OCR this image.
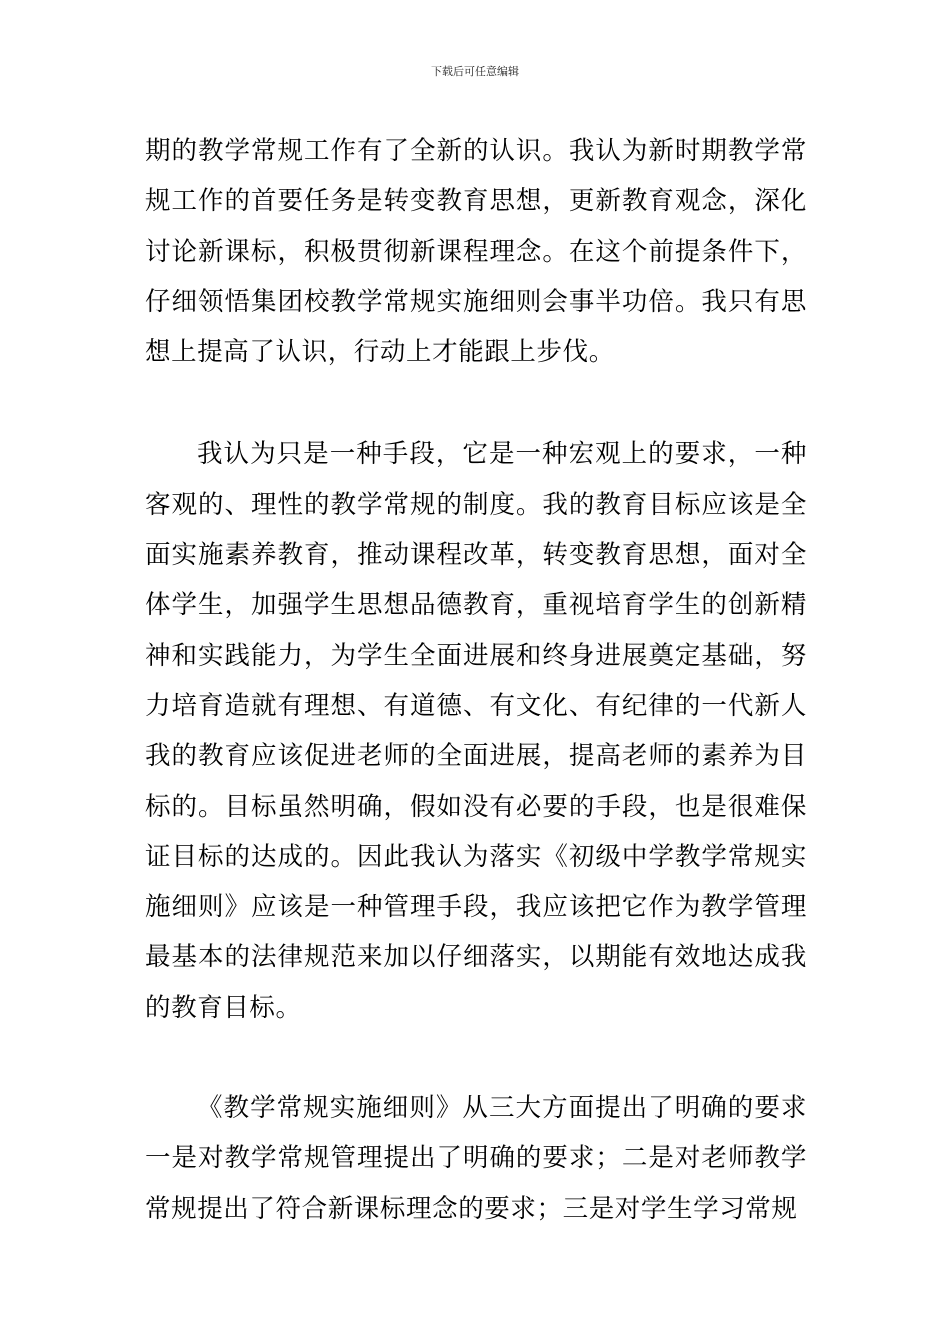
下载后可任意编辑

期的教学常规工作有了全新的认识。我认为新时期教学常规工作的首要任务是转变教育思想，更新教育观念，深化讨论新课标，积极贯彻新课程理念。在这个前提条件下，仔细领悟集团校教学常规实施细则会事半功倍。我只有思想上提高了认识，行动上才能跟上步伐。

我认为只是一种手段，它是一种宏观上的要求，一种客观的、理性的教学常规的制度。我的教育目标应该是全面实施素养教育，推动课程改革，转变教育思想，面对全体学生，加强学生思想品德教育，重视培育学生的创新精神和实践能力，为学生全面进展和终身进展奠定基础，努力培育造就有理想、有道德、有文化、有纪律的一代新人我的教育应该促进老师的全面进展，提高老师的素养为目标的。目标虽然明确，假如没有必要的手段，也是很难保证目标的达成的。因此我认为落实《初级中学教学常规实施细则》应该是一种管理手段，我应该把它作为教学管理最基本的法律规范来加以仔细落实，以期能有效地达成我的教育目标。

《教学常规实施细则》从三大方面提出了明确的要求一是对教学常规管理提出了明确的要求；二是对老师教学常规提出了符合新课标理念的要求；三是对学生学习常规
